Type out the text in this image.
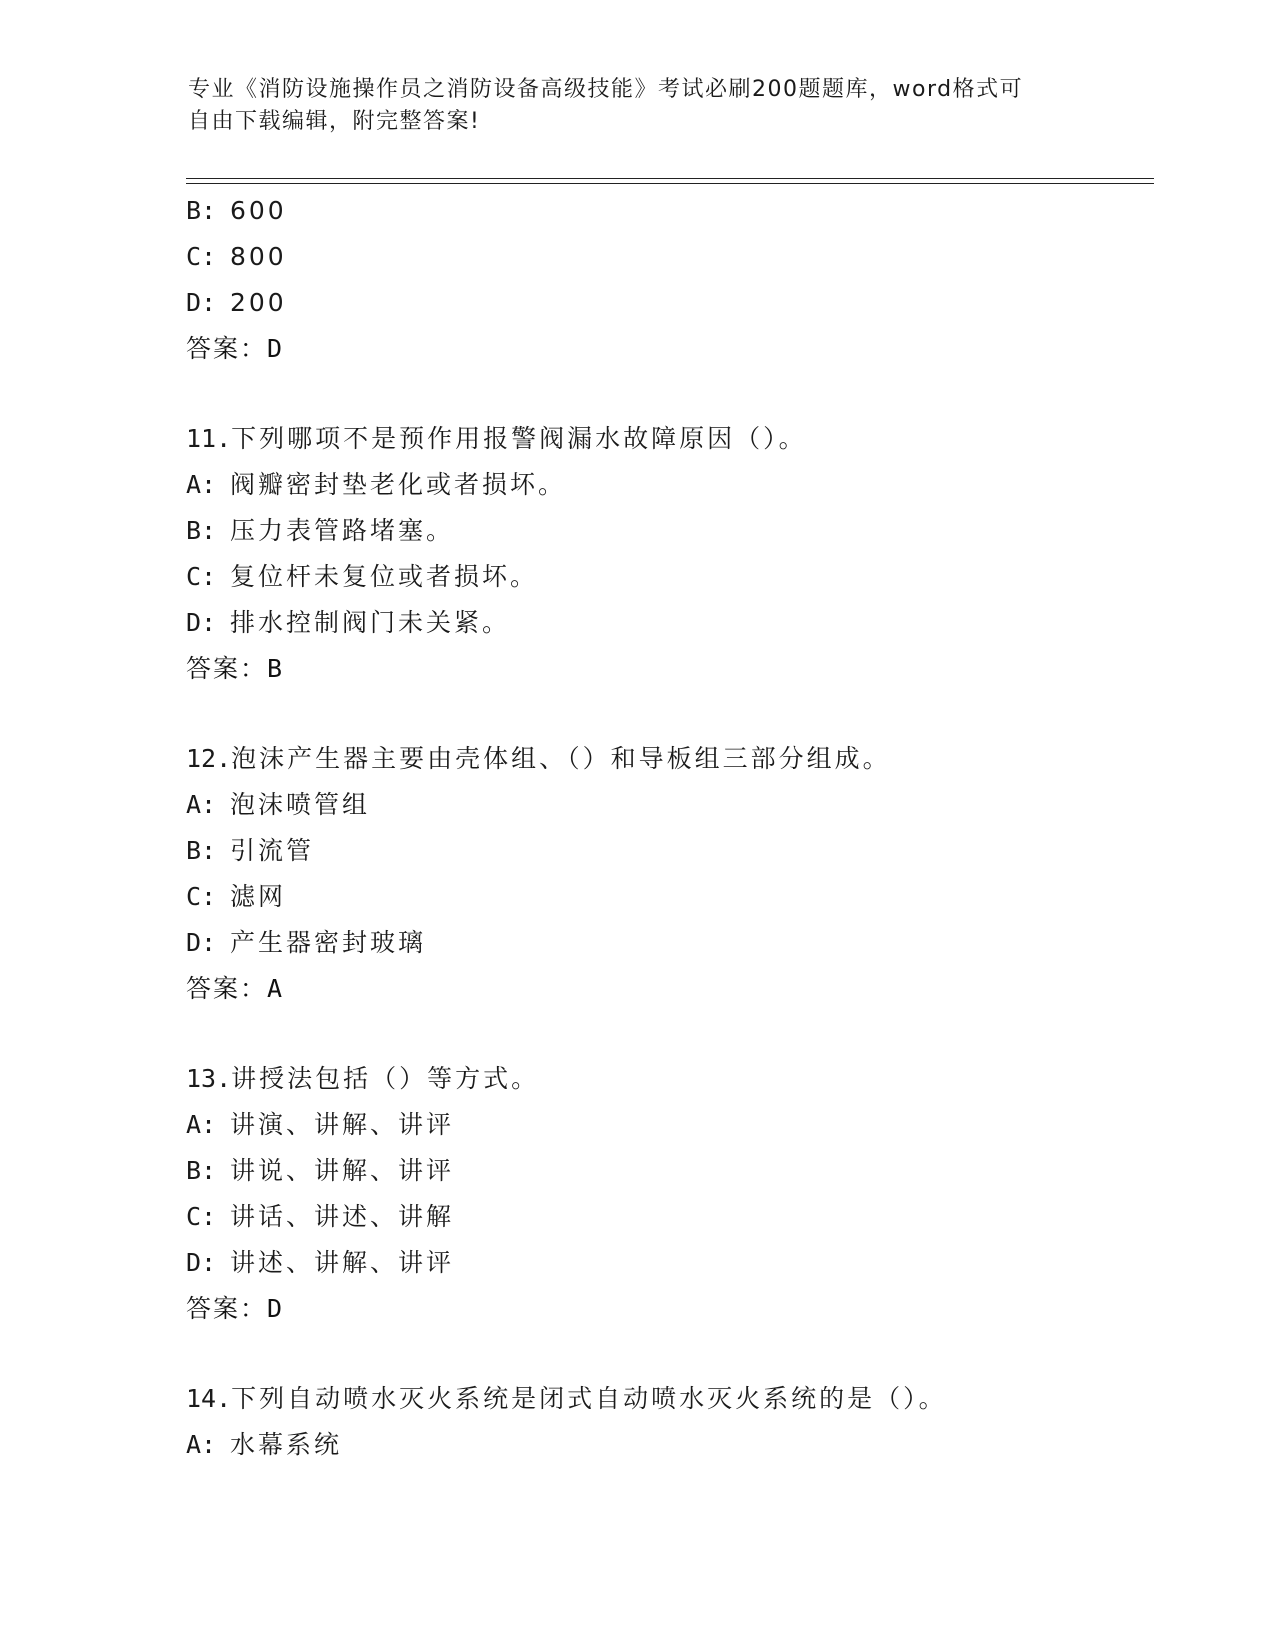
专业《消防设施操作员之消防设备高级技能》考试必刷200题题库，word格式可
自由下载编辑，附完整答案!
B: 600
C: 800
D: 200
答案：D
11.下列哪项不是预作用报警阀漏水故障原因（）。
A: 阀瓣密封垫老化或者损坏。
B: 压力表管路堵塞。
C: 复位杆未复位或者损坏。
D: 排水控制阀门未关紧。
答案：B
12.泡沫产生器主要由壳体组、（）和导板组三部分组成。
A: 泡沫喷管组
B: 引流管
C: 滤网
D: 产生器密封玻璃
答案：A
13.讲授法包括（）等方式。
A: 讲演、讲解、讲评
B: 讲说、讲解、讲评
C: 讲话、讲述、讲解
D: 讲述、讲解、讲评
答案：D
14.下列自动喷水灭火系统是闭式自动喷水灭火系统的是（）。
A: 水幕系统
